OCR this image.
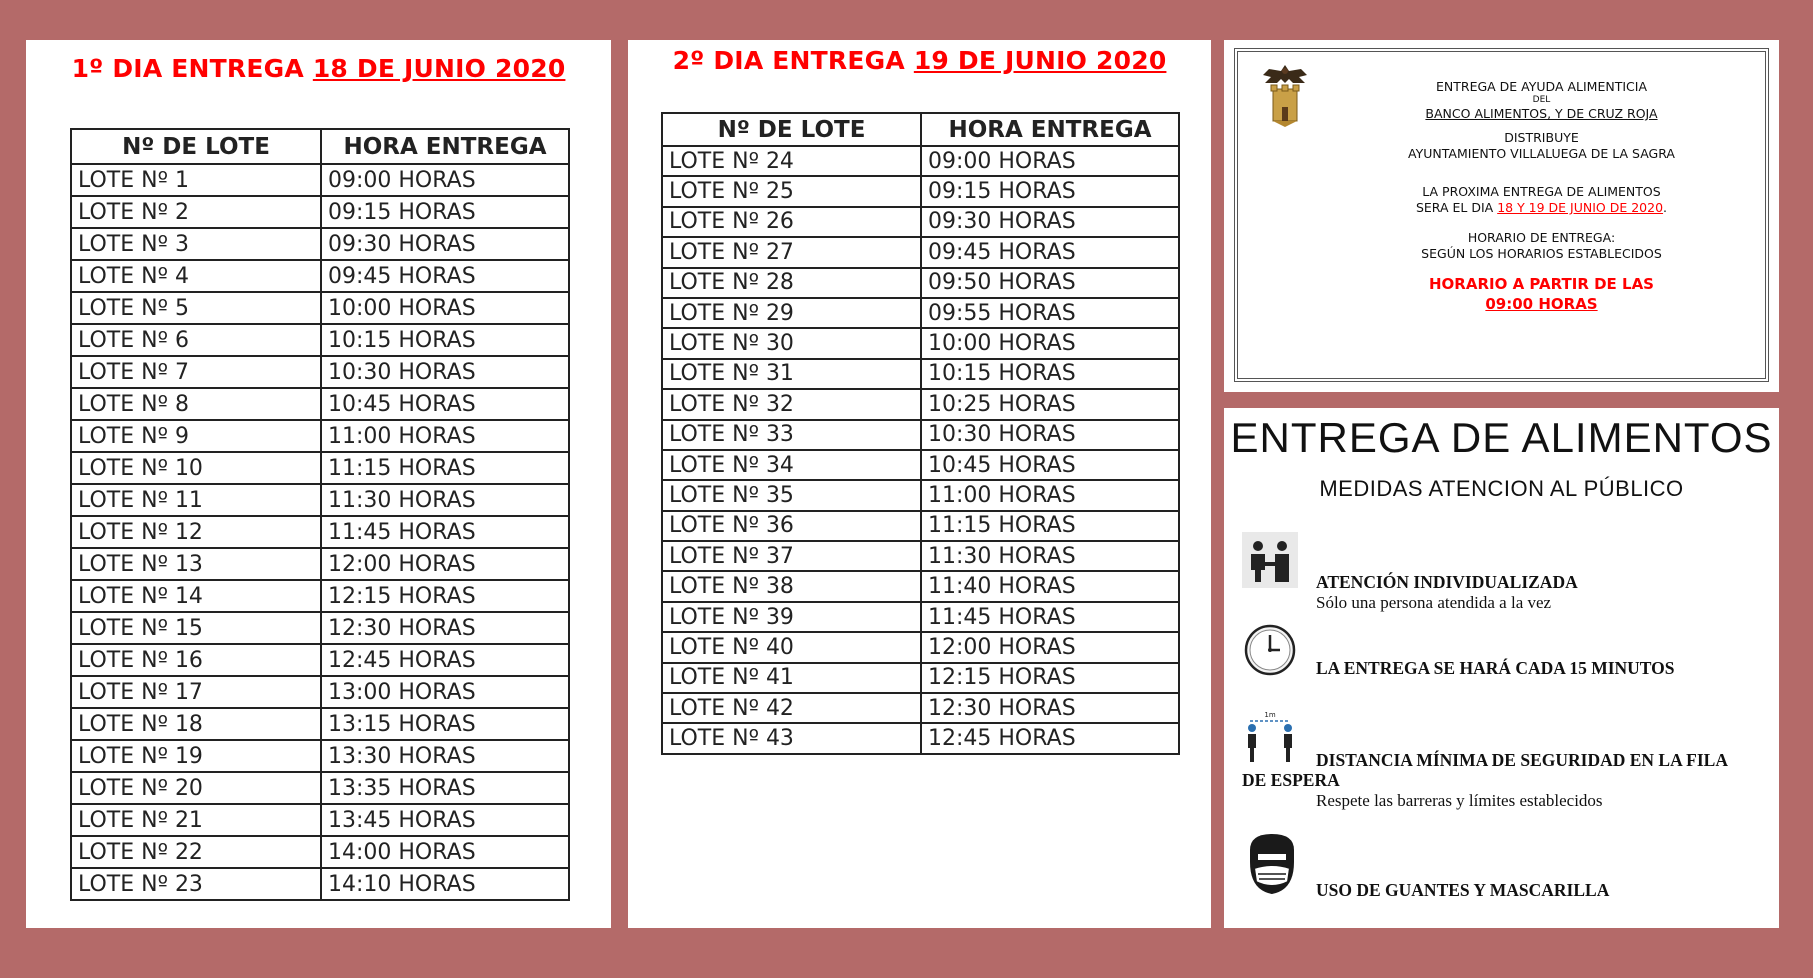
1º DIA ENTREGA 18 DE JUNIO 2020
Nº DE LOTE	HORA ENTREGA
LOTE Nº 1	09:00 HORAS
LOTE Nº 2	09:15 HORAS
LOTE Nº 3	09:30 HORAS
LOTE Nº 4	09:45 HORAS
LOTE Nº 5	10:00 HORAS
LOTE Nº 6	10:15 HORAS
LOTE Nº 7	10:30 HORAS
LOTE Nº 8	10:45 HORAS
LOTE Nº 9	11:00 HORAS
LOTE Nº 10	11:15 HORAS
LOTE Nº 11	11:30 HORAS
LOTE Nº 12	11:45 HORAS
LOTE Nº 13	12:00 HORAS
LOTE Nº 14	12:15 HORAS
LOTE Nº 15	12:30 HORAS
LOTE Nº 16	12:45 HORAS
LOTE Nº 17	13:00 HORAS
LOTE Nº 18	13:15 HORAS
LOTE Nº 19	13:30 HORAS
LOTE Nº 20	13:35 HORAS
LOTE Nº 21	13:45 HORAS
LOTE Nº 22	14:00 HORAS
LOTE Nº 23	14:10 HORAS
2º DIA ENTREGA 19 DE JUNIO 2020
Nº DE LOTE	HORA ENTREGA
LOTE Nº 24	09:00 HORAS
LOTE Nº 25	09:15 HORAS
LOTE Nº 26	09:30 HORAS
LOTE Nº 27	09:45 HORAS
LOTE Nº 28	09:50 HORAS
LOTE Nº 29	09:55 HORAS
LOTE Nº 30	10:00 HORAS
LOTE Nº 31	10:15 HORAS
LOTE Nº 32	10:25 HORAS
LOTE Nº 33	10:30 HORAS
LOTE Nº 34	10:45 HORAS
LOTE Nº 35	11:00 HORAS
LOTE Nº 36	11:15 HORAS
LOTE Nº 37	11:30 HORAS
LOTE Nº 38	11:40 HORAS
LOTE Nº 39	11:45 HORAS
LOTE Nº 40	12:00 HORAS
LOTE Nº 41	12:15 HORAS
LOTE Nº 42	12:30 HORAS
LOTE Nº 43	12:45 HORAS
ENTREGA DE AYUDA ALIMENTICIA
DEL
BANCO ALIMENTOS, Y DE CRUZ ROJA
DISTRIBUYE
AYUNTAMIENTO VILLALUEGA DE LA SAGRA
LA PROXIMA ENTREGA DE ALIMENTOS
SERA EL DIA 18 Y 19 DE JUNIO DE 2020.
HORARIO DE ENTREGA:
SEGÚN LOS HORARIOS ESTABLECIDOS
HORARIO A PARTIR DE LAS
09:00 HORAS
ENTREGA DE ALIMENTOS
MEDIDAS ATENCION AL PÚBLICO
ATENCIÓN INDIVIDUALIZADA
Sólo una persona atendida a la vez
LA ENTREGA SE HARÁ CADA 15 MINUTOS
1m
DISTANCIA MÍNIMA DE SEGURIDAD EN LA FILA
DE ESPERA
Respete las barreras y límites establecidos
USO DE GUANTES Y MASCARILLA
